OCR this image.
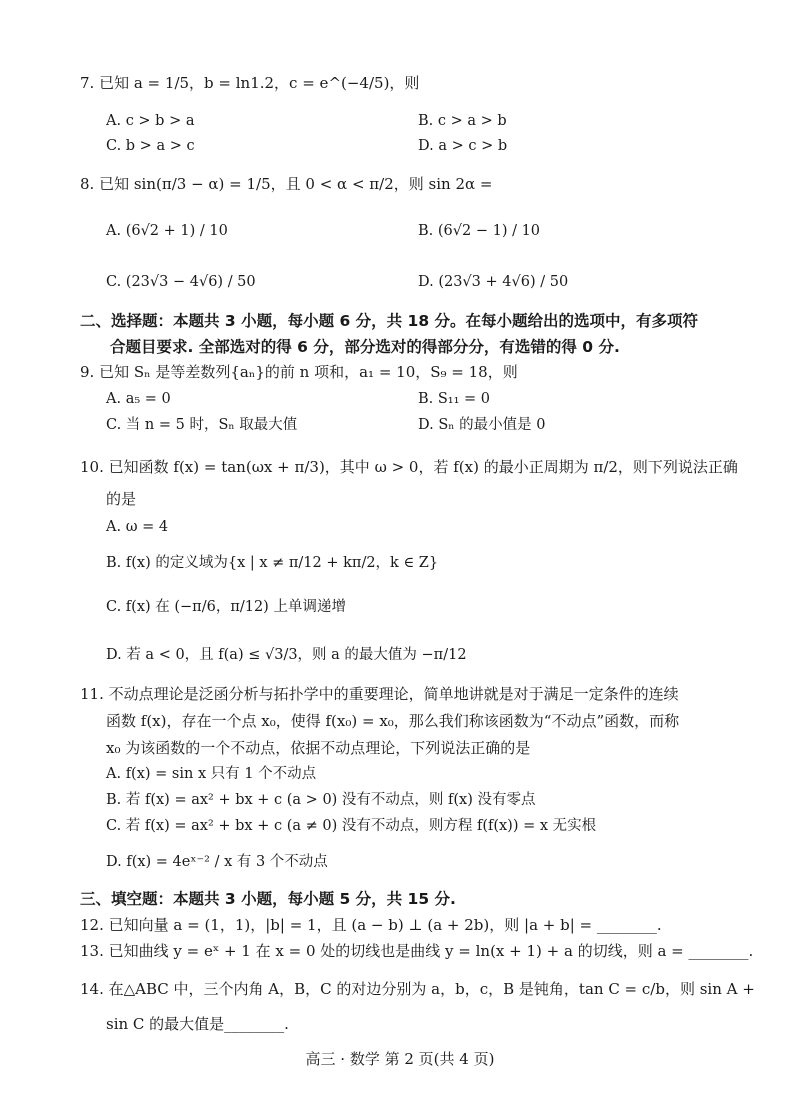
7. 已知 a = 1/5，b = ln1.2，c = e^(−4/5)，则
A. c > b > a	B. c > a > b
C. b > a > c	D. a > c > b
8. 已知 sin(π/3 − α) = 1/5，且 0 < α < π/2，则 sin 2α =
A. (6√2 + 1) / 10	B. (6√2 − 1) / 10
C. (23√3 − 4√6) / 50	D. (23√3 + 4√6) / 50
二、选择题：本题共 3 小题，每小题 6 分，共 18 分。在每小题给出的选项中，有多项符
合题目要求. 全部选对的得 6 分，部分选对的得部分分，有选错的得 0 分.
9. 已知 Sₙ 是等差数列{aₙ}的前 n 项和，a₁ = 10，S₉ = 18，则
A. a₅ = 0	B. S₁₁ = 0
C. 当 n = 5 时，Sₙ 取最大值	D. Sₙ 的最小值是 0
10. 已知函数 f(x) = tan(ωx + π/3)，其中 ω > 0，若 f(x) 的最小正周期为 π/2，则下列说法正确
的是
A. ω = 4
B. f(x) 的定义域为{x | x ≠ π/12 + kπ/2，k ∈ Z}
C. f(x) 在 (−π/6，π/12) 上单调递增
D. 若 a < 0，且 f(a) ≤ √3/3，则 a 的最大值为 −π/12
11. 不动点理论是泛函分析与拓扑学中的重要理论，简单地讲就是对于满足一定条件的连续
函数 f(x)，存在一个点 x₀，使得 f(x₀) = x₀，那么我们称该函数为“不动点”函数，而称
x₀ 为该函数的一个不动点，依据不动点理论，下列说法正确的是
A. f(x) = sin x 只有 1 个不动点
B. 若 f(x) = ax² + bx + c (a > 0) 没有不动点，则 f(x) 没有零点
C. 若 f(x) = ax² + bx + c (a ≠ 0) 没有不动点，则方程 f(f(x)) = x 无实根
D. f(x) = 4eˣ⁻² / x 有 3 个不动点
三、填空题：本题共 3 小题，每小题 5 分，共 15 分.
12. 已知向量 a = (1，1)，|b| = 1，且 (a − b) ⊥ (a + 2b)，则 |a + b| = ________.
13. 已知曲线 y = eˣ + 1 在 x = 0 处的切线也是曲线 y = ln(x + 1) + a 的切线，则 a = ________.
14. 在△ABC 中，三个内角 A，B，C 的对边分别为 a，b，c，B 是钝角，tan C = c/b，则 sin A +
sin C 的最大值是________.
高三 · 数学 第 2 页(共 4 页)
